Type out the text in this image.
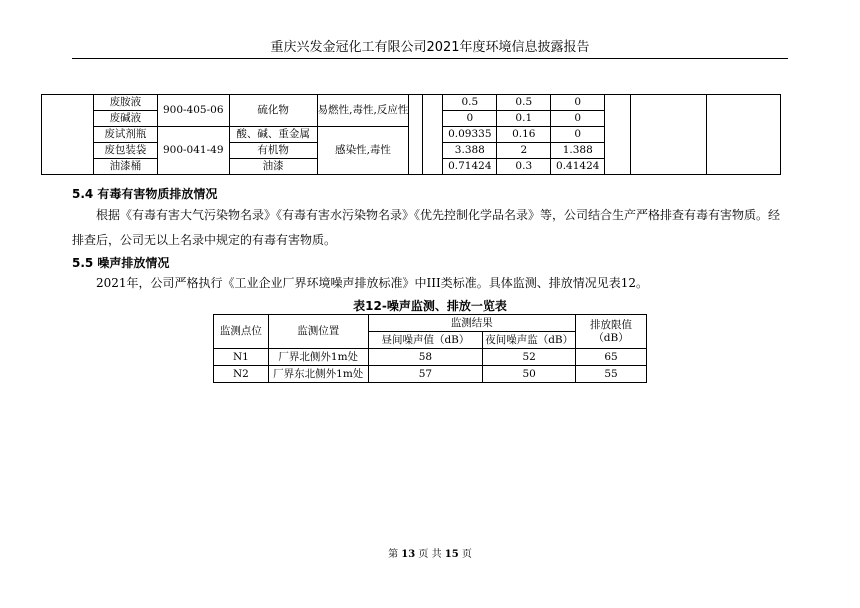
重庆兴发金冠化工有限公司2021年度环境信息披露报告
	废胺液	900-405-06	硫化物	易燃性,毒性,反应性			0.5	0.5	0			
	废碱液						0	0.1	0			
	废试剂瓶	900-041-49	酸、碱、重金属	感染性,毒性			0.09335	0.16	0			
	废包装袋		有机物				3.388	2	1.388			
	油漆桶		油漆				0.71424	0.3	0.41424			
5.4 有毒有害物质排放情况
根据《有毒有害大气污染物名录》《有毒有害水污染物名录》《优先控制化学品名录》等，公司结合生产严格排查有毒有害物质。经排查后，公司无以上名录中规定的有毒有害物质。
5.5 噪声排放情况
2021年，公司严格执行《工业企业厂界环境噪声排放标准》中III类标准。具体监测、排放情况见表12。
表12-噪声监测、排放一览表
监测点位	监测位置	监测结果		排放限值（dB）
		昼间噪声值（dB）	夜间噪声监（dB）	
N1	厂界北侧外1m处	58	52	65
N2	厂界东北侧外1m处	57	50	55
第 13 页 共 15 页
